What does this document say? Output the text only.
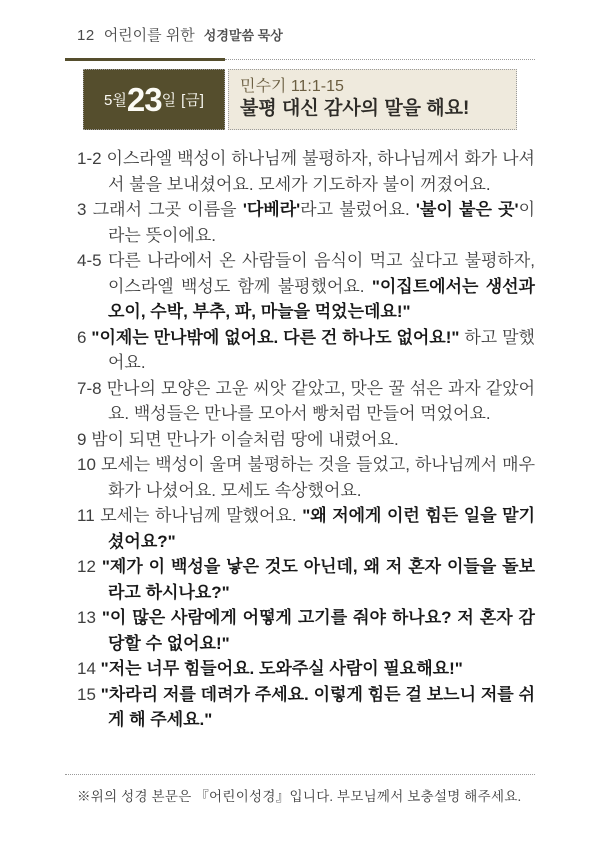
12 어린이를 위한 성경말씀 묵상
5월 23 일 [금]
민수기 11:1-15
불평 대신 감사의 말을 해요!

1-2 이스라엘 백성이 하나님께 불평하자, 하나님께서 화가 나셔서 불을 보내셨어요. 모세가 기도하자 불이 꺼졌어요.

3 그래서 그곳 이름을 '다베라'라고 불렀어요. '불이 붙은 곳'이라는 뜻이에요.

4-5 다른 나라에서 온 사람들이 음식이 먹고 싶다고 불평하자, 이스라엘 백성도 함께 불평했어요. "이집트에서는 생선과 오이, 수박, 부추, 파, 마늘을 먹었는데요!"

6 "이제는 만나밖에 없어요. 다른 건 하나도 없어요!" 하고 말했어요.

7-8 만나의 모양은 고운 씨앗 같았고, 맛은 꿀 섞은 과자 같았어요. 백성들은 만나를 모아서 빵처럼 만들어 먹었어요.

9 밤이 되면 만나가 이슬처럼 땅에 내렸어요.

10 모세는 백성이 울며 불평하는 것을 들었고, 하나님께서 매우 화가 나셨어요. 모세도 속상했어요.

11 모세는 하나님께 말했어요. "왜 저에게 이런 힘든 일을 맡기셨어요?"

12 "제가 이 백성을 낳은 것도 아닌데, 왜 저 혼자 이들을 돌보라고 하시나요?"

13 "이 많은 사람에게 어떻게 고기를 줘야 하나요? 저 혼자 감당할 수 없어요!"

14 "저는 너무 힘들어요. 도와주실 사람이 필요해요!"

15 "차라리 저를 데려가 주세요. 이렇게 힘든 걸 보느니 저를 쉬게 해 주세요."

※위의 성경 본문은 『어린이성경』입니다. 부모님께서 보충설명 해주세요.
